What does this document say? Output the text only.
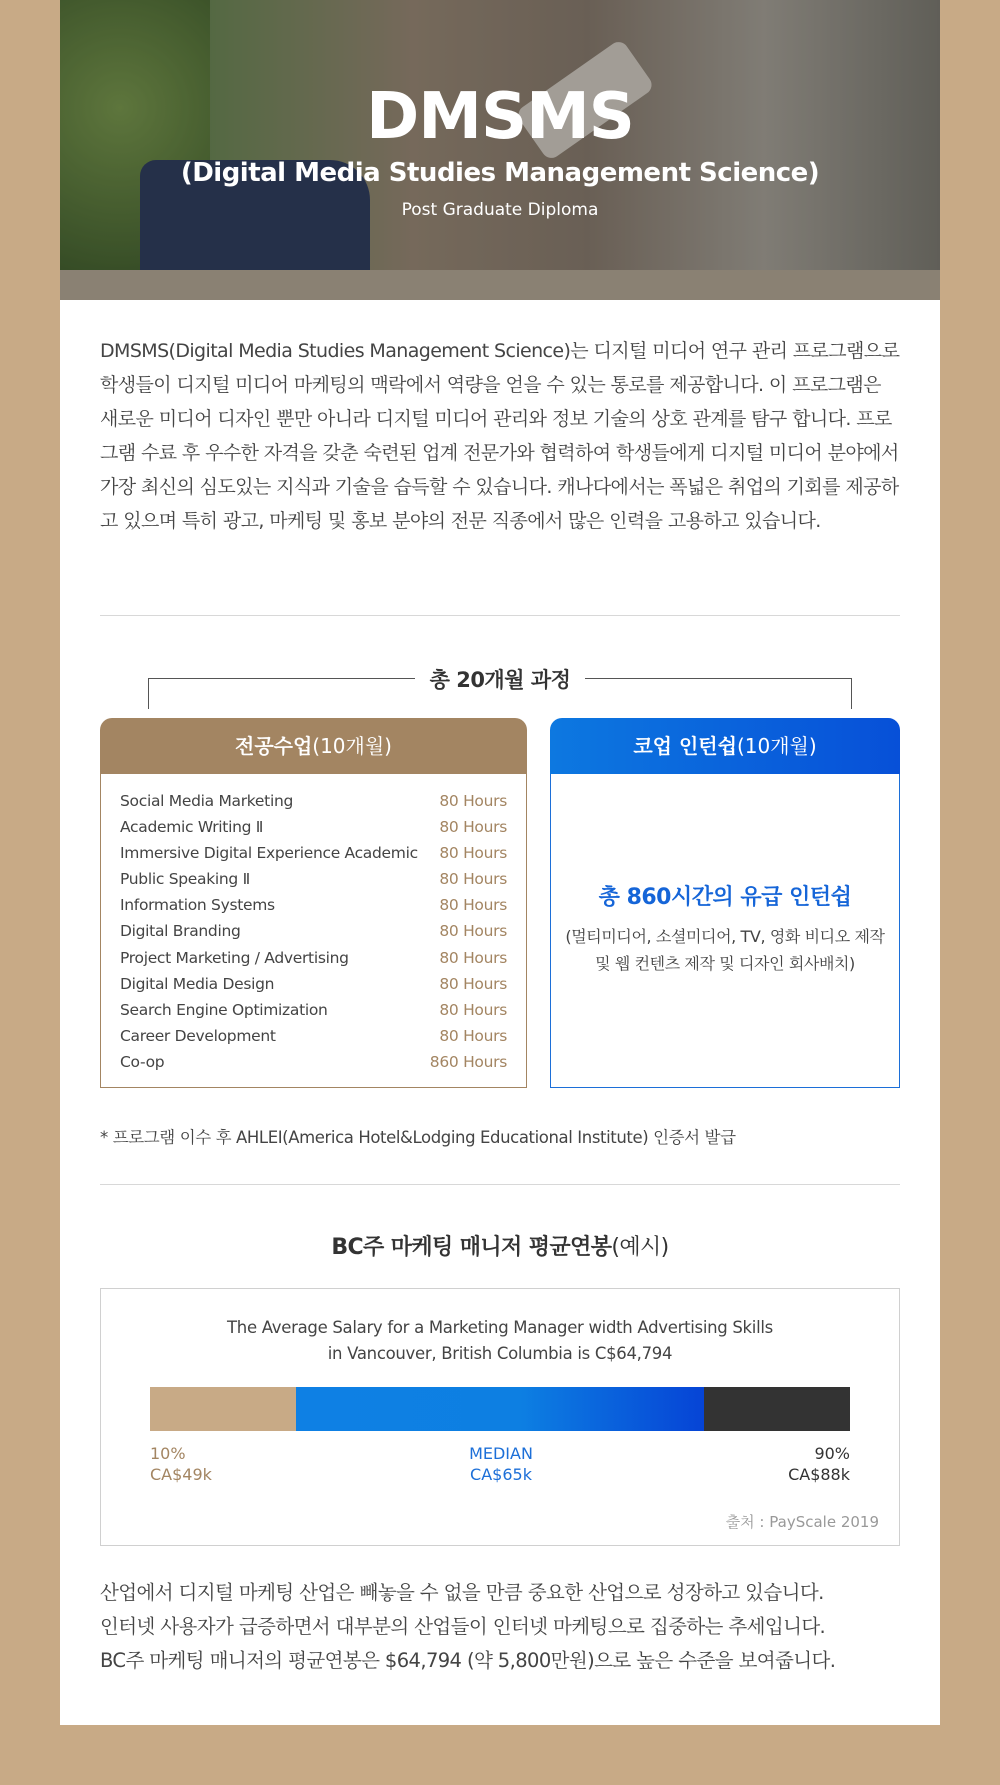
DMSMS
(Digital Media Studies Management Science)
Post Graduate Diploma
DMSMS(Digital Media Studies Management Science)는 디지털 미디어 연구 관리 프로그램으로 학생들이 디지털 미디어 마케팅의 맥락에서 역량을 얻을 수 있는 통로를 제공합니다. 이 프로그램은 새로운 미디어 디자인 뿐만 아니라 디지털 미디어 관리와 정보 기술의 상호 관계를 탐구 합니다. 프로그램 수료 후 우수한 자격을 갖춘 숙련된 업계 전문가와 협력하여 학생들에게 디지털 미디어 분야에서 가장 최신의 심도있는 지식과 기술을 습득할 수 있습니다. 캐나다에서는 폭넓은 취업의 기회를 제공하고 있으며 특히 광고, 마케팅 및 홍보 분야의 전문 직종에서 많은 인력을 고용하고 있습니다.
총 20개월 과정
전공수업(10개월)
Social Media Marketing	80 Hours
Academic Writing Ⅱ	80 Hours
Immersive Digital Experience Academic 80 Hours
Public Speaking Ⅱ	80 Hours
Information Systems	80 Hours
Digital Branding	80 Hours
Project Marketing / Advertising	80 Hours
Digital Media Design	80 Hours
Search Engine Optimization	80 Hours
Career Development	80 Hours
Co-op	860 Hours
코업 인턴쉽(10개월)
총 860시간의 유급 인턴쉽
(멀티미디어, 소셜미디어, TV, 영화 비디오 제작
및 웹 컨텐츠 제작 및 디자인 회사배치)
* 프로그램 이수 후 AHLEI(America Hotel&Lodging Educational Institute) 인증서 발급
BC주 마케팅 매니저 평균연봉(예시)
The Average Salary for a Marketing Manager width Advertising Skills
in Vancouver, British Columbia is C$64,794
10%
CA$49k
MEDIAN
CA$65k
90%
CA$88k
출처 : PayScale 2019
산업에서 디지털 마케팅 산업은 빼놓을 수 없을 만큼 중요한 산업으로 성장하고 있습니다.
인터넷 사용자가 급증하면서 대부분의 산업들이 인터넷 마케팅으로 집중하는 추세입니다.
BC주 마케팅 매니저의 평균연봉은 $64,794 (약 5,800만원)으로 높은 수준을 보여줍니다.
